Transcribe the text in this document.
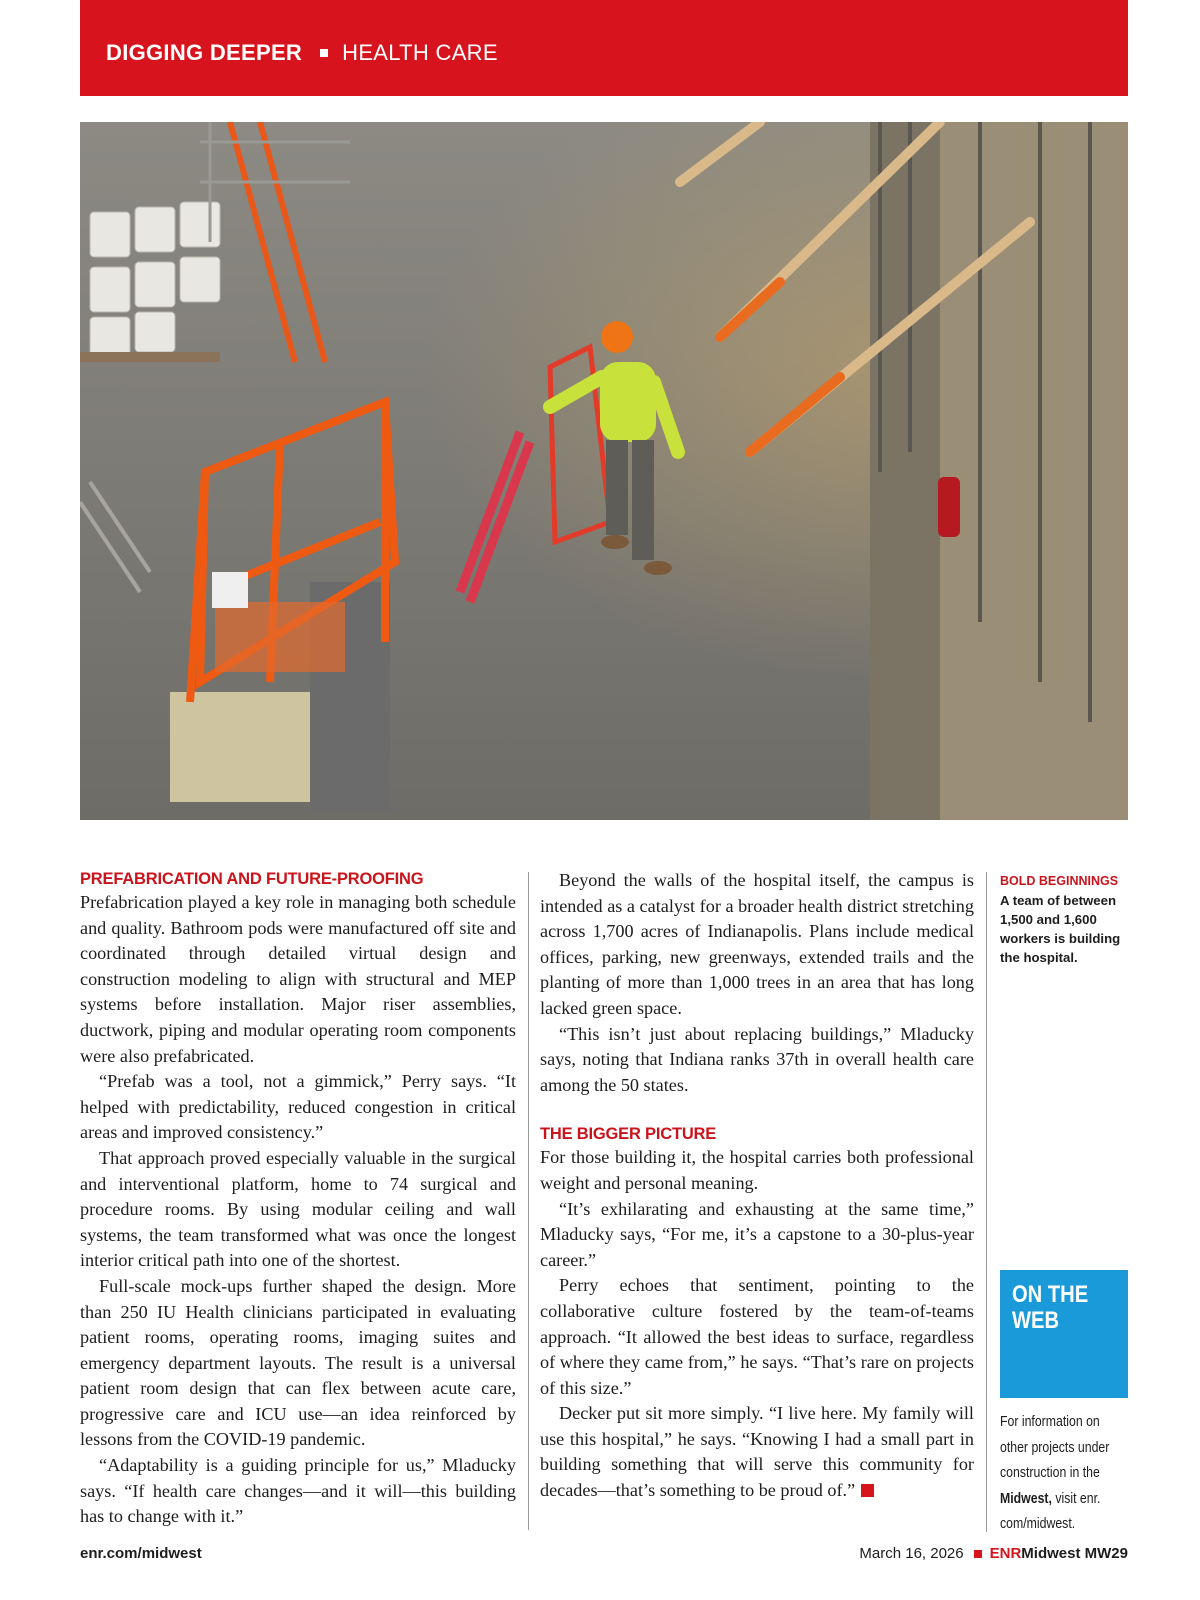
DIGGING DEEPER HEALTH CARE
PREFABRICATION AND FUTURE-PROOFING

Prefabrication played a key role in managing both schedule and quality. Bathroom pods were manufactured off site and coordinated through detailed virtual design and construction modeling to align with structural and MEP systems before installation. Major riser assemblies, ductwork, piping and modular operating room components were also prefabricated.

“Prefab was a tool, not a gimmick,” Perry says. “It helped with predictability, reduced congestion in critical areas and improved consistency.”

That approach proved especially valuable in the surgical and interventional platform, home to 74 surgical and procedure rooms. By using modular ceiling and wall systems, the team transformed what was once the longest interior critical path into one of the shortest.

Full-scale mock-ups further shaped the design. More than 250 IU Health clinicians participated in evaluating patient rooms, operating rooms, imaging suites and emergency department layouts. The result is a universal patient room design that can flex between acute care, progressive care and ICU use—an idea reinforced by lessons from the COVID-19 pandemic.

“Adaptability is a guiding principle for us,” Mladucky says. “If health care changes—and it will—this building has to change with it.”

Beyond the walls of the hospital itself, the campus is intended as a catalyst for a broader health district stretching across 1,700 acres of Indianapolis. Plans include medical offices, parking, new greenways, extended trails and the planting of more than 1,000 trees in an area that has long lacked green space.

“This isn’t just about replacing buildings,” Mladucky says, noting that Indiana ranks 37th in overall health care among the 50 states.

THE BIGGER PICTURE

For those building it, the hospital carries both professional weight and personal meaning.

“It’s exhilarating and exhausting at the same time,” Mladucky says, “For me, it’s a capstone to a 30-plus-year career.”

Perry echoes that sentiment, pointing to the collaborative culture fostered by the team-of-teams approach. “It allowed the best ideas to surface, regardless of where they came from,” he says. “That’s rare on projects of this size.”

Decker put sit more simply. “I live here. My family will use this hospital,” he says. “Knowing I had a small part in building something that will serve this community for decades—that’s something to be proud of.”

BOLD BEGINNINGS
A team of between 1,500 and 1,600 workers is building the hospital.
ON THE
WEB
For information on other projects under construction in the Midwest, visit enr. com/midwest.
enr.com/midwest	March 16, 2026 ENR Midwest
MW29
